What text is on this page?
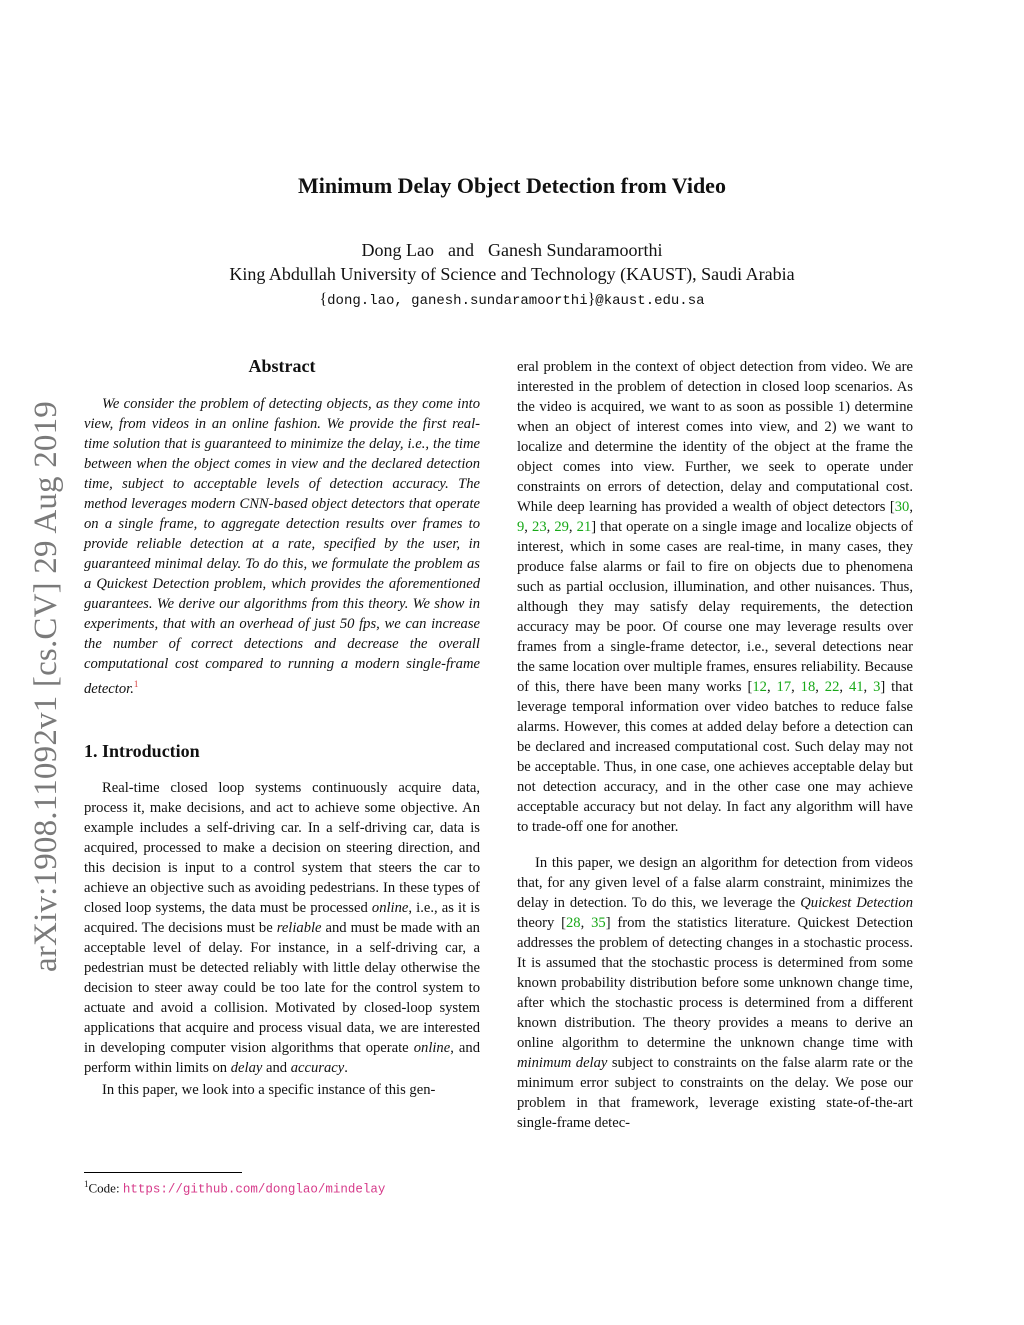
Minimum Delay Object Detection from Video
Dong Lao and Ganesh Sundaramoorthi
King Abdullah University of Science and Technology (KAUST), Saudi Arabia
{dong.lao, ganesh.sundaramoorthi}@kaust.edu.sa
arXiv:1908.11092v1 [cs.CV] 29 Aug 2019
Abstract

We consider the problem of detecting objects, as they come into view, from videos in an online fashion. We provide the first real-time solution that is guaranteed to minimize the delay, i.e., the time between when the object comes in view and the declared detection time, subject to acceptable levels of detection accuracy. The method leverages modern CNN-based object detectors that operate on a single frame, to aggregate detection results over frames to provide reliable detection at a rate, specified by the user, in guaranteed minimal delay. To do this, we formulate the problem as a Quickest Detection problem, which provides the aforementioned guarantees. We derive our algorithms from this theory. We show in experiments, that with an overhead of just 50 fps, we can increase the number of correct detections and decrease the overall computational cost compared to running a modern single-frame detector.$^1$

1. Introduction

Real-time closed loop systems continuously acquire data, process it, make decisions, and act to achieve some objective. An example includes a self-driving car. In a self-driving car, data is acquired, processed to make a decision on steering direction, and this decision is input to a control system that steers the car to achieve an objective such as avoiding pedestrians. In these types of closed loop systems, the data must be processed online, i.e., as it is acquired. The decisions must be reliable and must be made with an acceptable level of delay. For instance, in a self-driving car, a pedestrian must be detected reliably with little delay otherwise the decision to steer away could be too late for the control system to actuate and avoid a collision. Motivated by closed-loop system applications that acquire and process visual data, we are interested in developing computer vision algorithms that operate online, and perform within limits on delay and accuracy.

In this paper, we look into a specific instance of this gen-

eral problem in the context of object detection from video. We are interested in the problem of detection in closed loop scenarios. As the video is acquired, we want to as soon as possible 1) determine when an object of interest comes into view, and 2) we want to localize and determine the identity of the object at the frame the object comes into view. Further, we seek to operate under constraints on errors of detection, delay and computational cost. While deep learning has provided a wealth of object detectors [30, 9, 23, 29, 21] that operate on a single image and localize objects of interest, which in some cases are real-time, in many cases, they produce false alarms or fail to fire on objects due to phenomena such as partial occlusion, illumination, and other nuisances. Thus, although they may satisfy delay requirements, the detection accuracy may be poor. Of course one may leverage results over frames from a single-frame detector, i.e., several detections near the same location over multiple frames, ensures reliability. Because of this, there have been many works [12, 17, 18, 22, 41, 3] that leverage temporal information over video batches to reduce false alarms. However, this comes at added delay before a detection can be declared and increased computational cost. Such delay may not be acceptable. Thus, in one case, one achieves acceptable delay but not detection accuracy, and in the other case one may achieve acceptable accuracy but not delay. In fact any algorithm will have to trade-off one for another.

In this paper, we design an algorithm for detection from videos that, for any given level of a false alarm constraint, minimizes the delay in detection. To do this, we leverage the Quickest Detection theory [28, 35] from the statistics literature. Quickest Detection addresses the problem of detecting changes in a stochastic process. It is assumed that the stochastic process is determined from some known probability distribution before some unknown change time, after which the stochastic process is determined from a different known distribution. The theory provides a means to derive an online algorithm to determine the unknown change time with minimum delay subject to constraints on the false alarm rate or the minimum error subject to constraints on the delay. We pose our problem in that framework, leverage existing state-of-the-art single-frame detec-

$^1$Code: https://github.com/donglao/mindelay
